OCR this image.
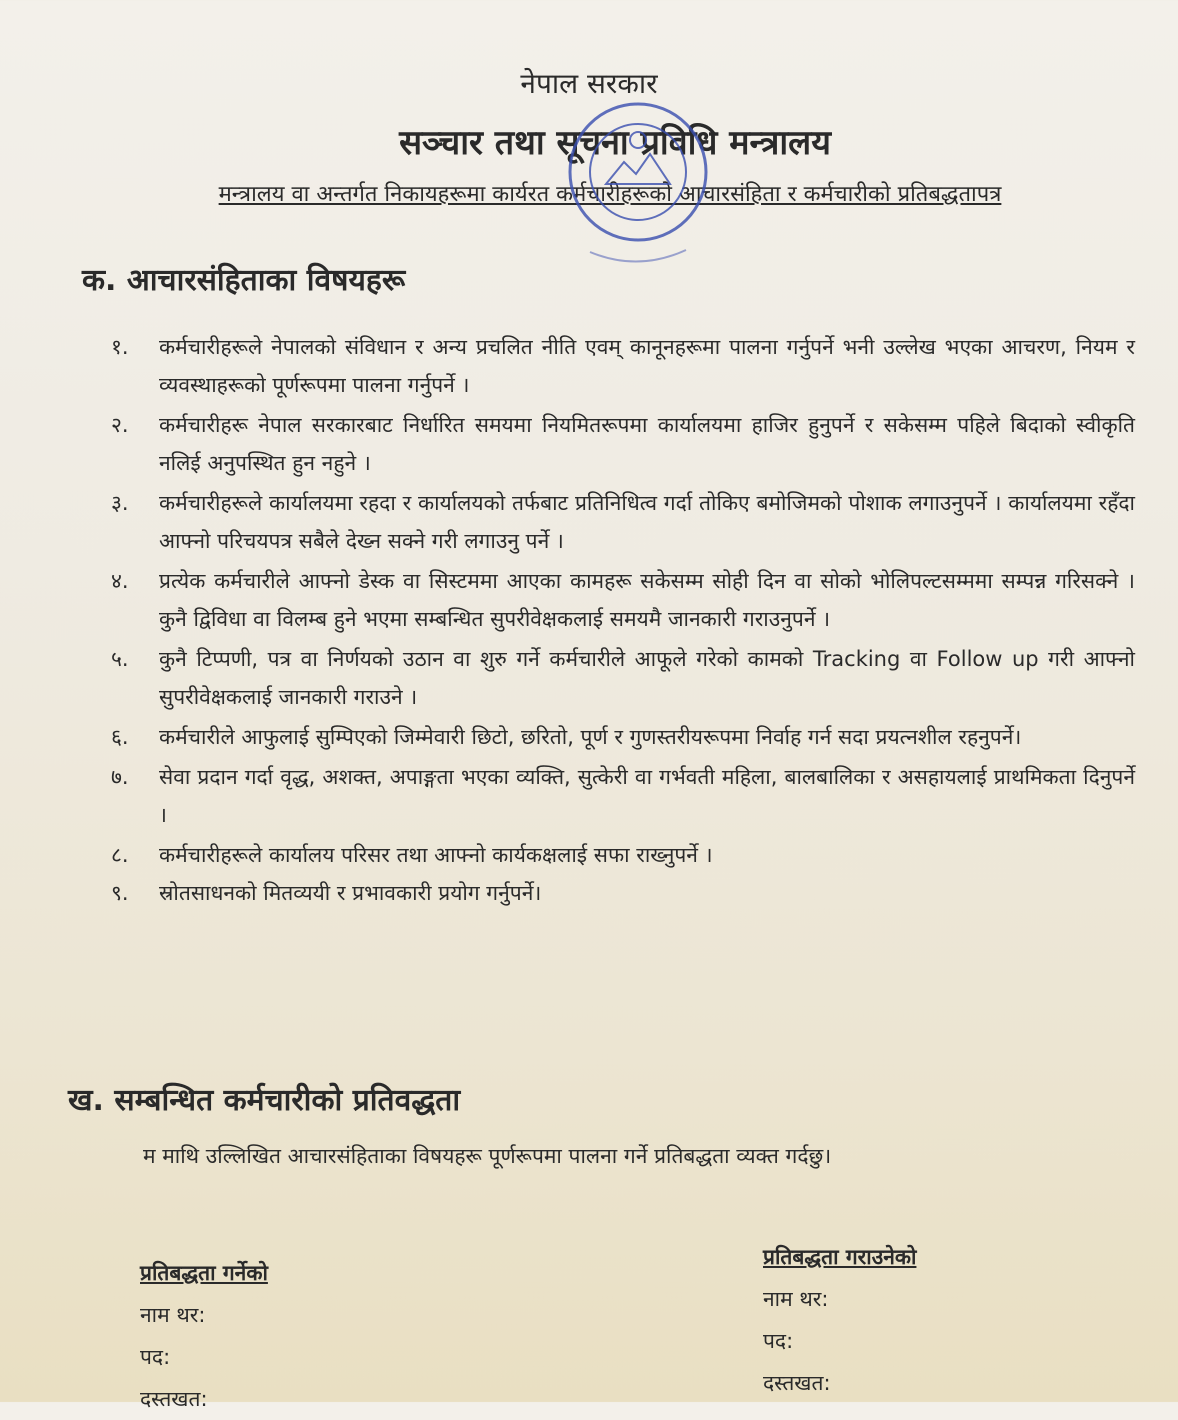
नेपाल सरकार
सञ्चार तथा सूचना प्रविधि मन्त्रालय
मन्त्रालय वा अन्तर्गत निकायहरूमा कार्यरत कर्मचारीहरूको आचारसंहिता र कर्मचारीको प्रतिबद्धतापत्र
क. आचारसंहिताका विषयहरू
१.	कर्मचारीहरूले नेपालको संविधान र अन्य प्रचलित नीति एवम् कानूनहरूमा पालना गर्नुपर्ने भनी उल्लेख भएका आचरण, नियम र व्यवस्थाहरूको पूर्णरूपमा पालना गर्नुपर्ने ।
२.	कर्मचारीहरू नेपाल सरकारबाट निर्धारित समयमा नियमितरूपमा कार्यालयमा हाजिर हुनुपर्ने र सकेसम्म पहिले बिदाको स्वीकृति नलिई अनुपस्थित हुन नहुने ।
३.	कर्मचारीहरूले कार्यालयमा रहदा र कार्यालयको तर्फबाट प्रतिनिधित्व गर्दा तोकिए बमोजिमको पोशाक लगाउनुपर्ने । कार्यालयमा रहँदा आफ्नो परिचयपत्र सबैले देख्न सक्ने गरी लगाउनु पर्ने ।
४.	प्रत्येक कर्मचारीले आफ्नो डेस्क वा सिस्टममा आएका कामहरू सकेसम्म सोही दिन वा सोको भोलिपल्टसम्ममा सम्पन्न गरिसक्ने । कुनै द्विविधा वा विलम्ब हुने भएमा सम्बन्धित सुपरीवेक्षकलाई समयमै जानकारी गराउनुपर्ने ।
५.	कुनै टिप्पणी, पत्र वा निर्णयको उठान वा शुरु गर्ने कर्मचारीले आफूले गरेको कामको Tracking वा Follow up गरी आफ्नो सुपरीवेक्षकलाई जानकारी गराउने ।
६.	कर्मचारीले आफुलाई सुम्पिएको जिम्मेवारी छिटो, छरितो, पूर्ण र गुणस्तरीयरूपमा निर्वाह गर्न सदा प्रयत्नशील रहनुपर्ने।
७.	सेवा प्रदान गर्दा वृद्ध, अशक्त, अपाङ्गता भएका व्यक्ति, सुत्केरी वा गर्भवती महिला, बालबालिका र असहायलाई प्राथमिकता दिनुपर्ने ।
८.	कर्मचारीहरूले कार्यालय परिसर तथा आफ्नो कार्यकक्षलाई सफा राख्नुपर्ने ।
९.	स्रोतसाधनको मितव्ययी र प्रभावकारी प्रयोग गर्नुपर्ने।
ख. सम्बन्धित कर्मचारीको प्रतिवद्धता
म माथि उल्लिखित आचारसंहिताका विषयहरू पूर्णरूपमा पालना गर्ने प्रतिबद्धता व्यक्त गर्दछु।
प्रतिबद्धता गर्नेको
नाम थर:
पद:
दस्तखत:
प्रतिबद्धता गराउनेको
नाम थर:
पद:
दस्तखत:
